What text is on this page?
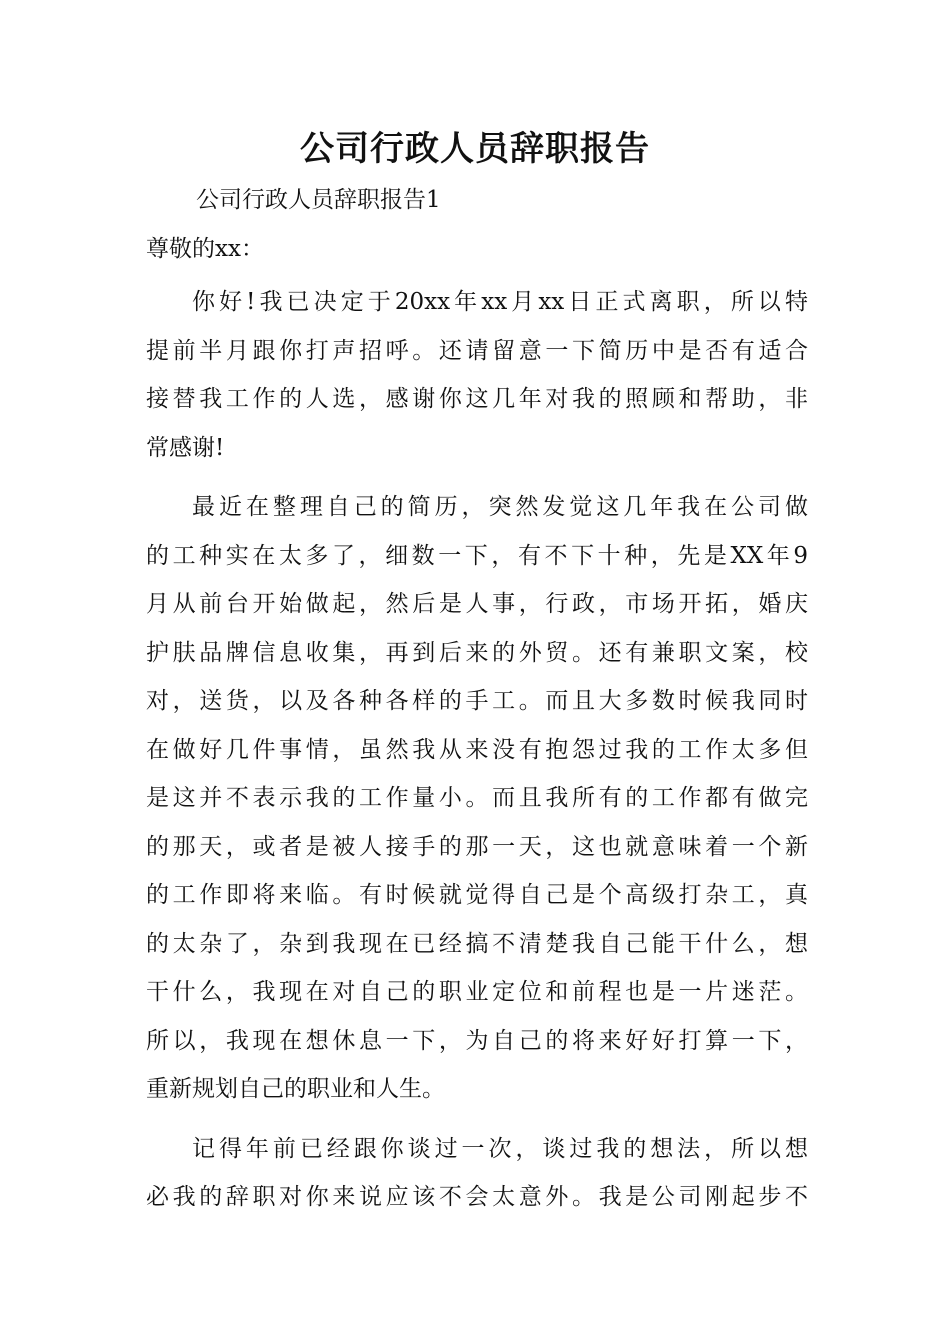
公司行政人员辞职报告

公司行政人员辞职报告1

尊敬的xx：

你好!我已决定于20xx年xx月xx日正式离职，所以特
提前半月跟你打声招呼。还请留意一下简历中是否有适合
接替我工作的人选，感谢你这几年对我的照顾和帮助，非
常感谢!
最近在整理自己的简历，突然发觉这几年我在公司做
的工种实在太多了，细数一下，有不下十种，先是XX年9
月从前台开始做起，然后是人事，行政，市场开拓，婚庆
护肤品牌信息收集，再到后来的外贸。还有兼职文案，校
对，送货，以及各种各样的手工。而且大多数时候我同时
在做好几件事情，虽然我从来没有抱怨过我的工作太多但
是这并不表示我的工作量小。而且我所有的工作都有做完
的那天，或者是被人接手的那一天，这也就意味着一个新
的工作即将来临。有时候就觉得自己是个高级打杂工，真
的太杂了，杂到我现在已经搞不清楚我自己能干什么，想
干什么，我现在对自己的职业定位和前程也是一片迷茫。
所以，我现在想休息一下，为自己的将来好好打算一下，
重新规划自己的职业和人生。
记得年前已经跟你谈过一次，谈过我的想法，所以想
必我的辞职对你来说应该不会太意外。我是公司刚起步不
